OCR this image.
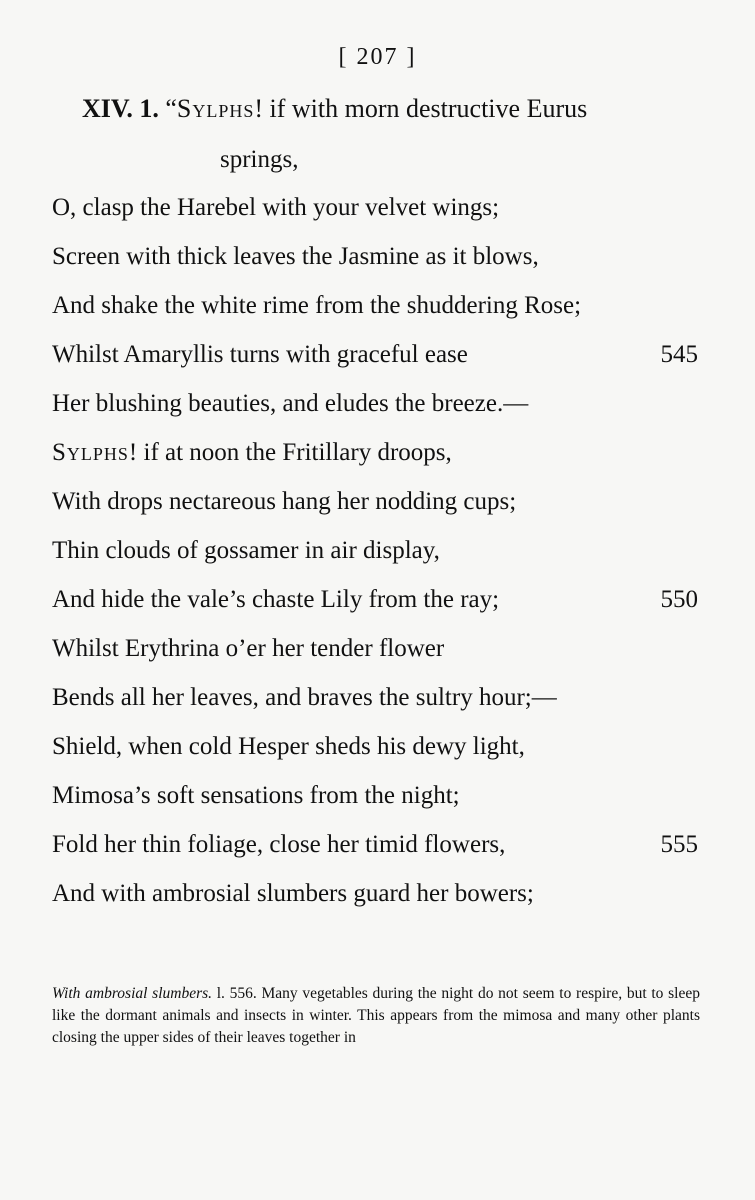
[ 207 ]
XIV. 1. “Sylphs! if with morn destructive Eurus
springs,
O, clasp the Harebel with your velvet wings;
Screen with thick leaves the Jasmine as it blows,
And shake the white rime from the shuddering Rose;
Whilst Amaryllis turns with graceful ease	545
Her blushing beauties, and eludes the breeze.—
Sylphs! if at noon the Fritillary droops,
With drops nectareous hang her nodding cups;
Thin clouds of gossamer in air display,
And hide the vale’s chaste Lily from the ray;	550
Whilst Erythrina o’er her tender flower
Bends all her leaves, and braves the sultry hour;—
Shield, when cold Hesper sheds his dewy light,
Mimosa’s soft sensations from the night;
Fold her thin foliage, close her timid flowers,	555
And with ambrosial slumbers guard her bowers;
With ambrosial slumbers. l. 556. Many vegetables during the night do not seem to respire, but to sleep like the dormant animals and insects in winter. This appears from the mimosa and many other plants closing the upper sides of their leaves together in
